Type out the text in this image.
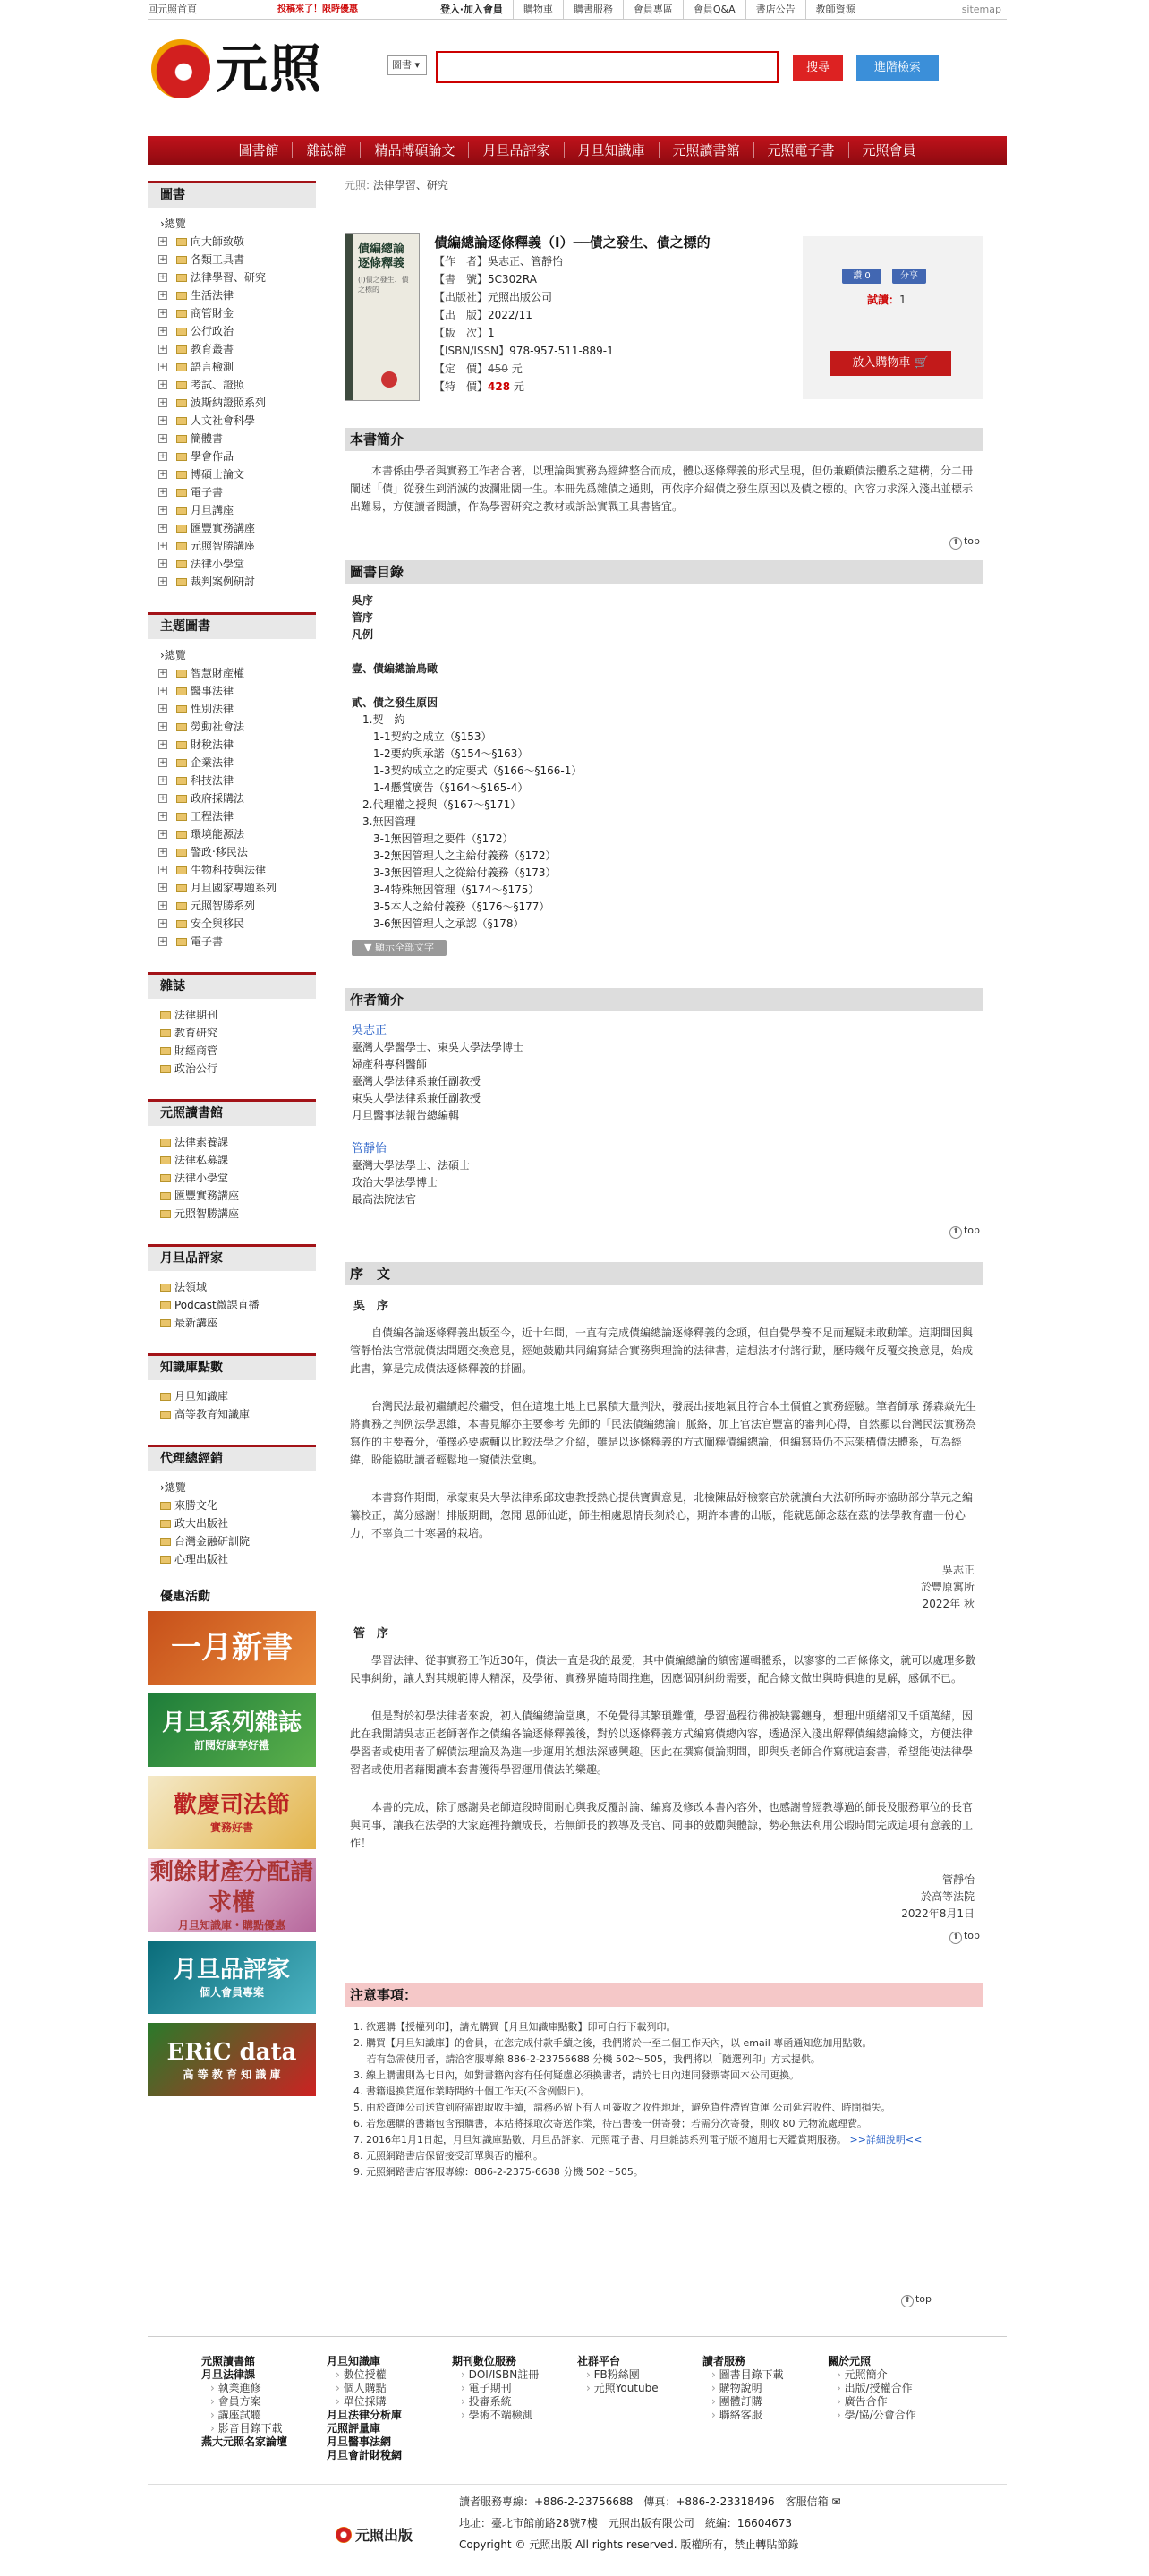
回元照首頁	投稿來了！限時優惠	登入‧加入會員	購物車	購書服務	會員專區	會員Q&A	書店公告	教師資源	sitemap
元照	圖書 ▾	搜尋	進階檢索
圖書館	雜誌館	精品博碩論文	月旦品評家	月旦知識庫	元照讀書館	元照電子書	元照會員
圖書
›總覽
+ 向大師致敬
+ 各類工具書
+ 法律學習、研究
+ 生活法律
+ 商管財金
+ 公行政治
+ 教育叢書
+ 語言檢測
+ 考試、證照
+ 波斯納證照系列
+ 人文社會科學
+ 簡體書
+ 學會作品
+ 博碩士論文
+ 電子書
+ 月旦講座
+ 匯豐實務講座
+ 元照智勝講座
+ 法律小學堂
+ 裁判案例研討
主題圖書
›總覽
+ 智慧財產權
+ 醫事法律
+ 性別法律
+ 勞動社會法
+ 財稅法律
+ 企業法律
+ 科技法律
+ 政府採購法
+ 工程法律
+ 環境能源法
+ 警政‧移民法
+ 生物科技與法律
+ 月旦國家專題系列
+ 元照智勝系列
+ 安全與移民
+ 電子書
雜誌
法律期刊
教育研究
財經商管
政治公行
元照讀書館
法律素養課
法律私募課
法律小學堂
匯豐實務講座
元照智勝講座
月旦品評家
法領域
Podcast微課直播
最新講座
知識庫點數
月旦知識庫
高等教育知識庫
代理總經銷
›總覽
來勝文化
政大出版社
台灣金融研訓院
心理出版社
優惠活動
一月新書
月旦系列雜誌
訂閱好康享好禮
歡慶司法節
實務好書
剩餘財產分配請求權
月旦知識庫・購點優惠
月旦品評家
個人會員專案
ERiC data
高 等 教 育 知 識 庫
元照: 法律學習、研究
債編總論逐條釋義
(I)債之發生、債之標的
債編總論逐條釋義（I）──債之發生、債之標的
【作　者】吳志正、管靜怡
【書　號】5C302RA
【出版社】元照出版公司
【出　版】2022/11
【版　次】1
【ISBN/ISSN】978-957-511-889-1
【定　價】450 元
【特　價】428 元
讚 0	分享
試讀：1
放入購物車 🛒
本書簡介

本書係由學者與實務工作者合著，以理論與實務為經緯整合而成，體以逐條釋義的形式呈現，但仍兼顧債法體系之建構，分二冊闡述「債」從發生到消滅的波瀾壯闊一生。本冊先爲雜債之通則，再依序介紹債之發生原因以及債之標的。內容力求深入淺出並標示出難易，方便讀者閱讀，作為學習研究之教材或訴訟實戰工具書皆宜。

⬆ top
圖書目錄
吳序
管序
凡例
壹、債編總論鳥瞰
貳、債之發生原因
　1.契　約
　　1-1契約之成立（§153）
　　1-2要約與承諾（§154～§163）
　　1-3契約成立之的定要式（§166～§166-1）
　　1-4懸賞廣告（§164～§165-4）
　2.代理權之授與（§167～§171）
　3.無因管理
　　3-1無因管理之要件（§172）
　　3-2無因管理人之主給付義務（§172）
　　3-3無因管理人之從給付義務（§173）
　　3-4特殊無因管理（§174～§175）
　　3-5本人之給付義務（§176～§177）
　　3-6無因管理人之承認（§178）
▼ 顯示全部文字
作者簡介
吳志正
臺灣大學醫學士、東吳大學法學博士
婦產科專科醫師
臺灣大學法律系兼任副教授
東吳大學法律系兼任副教授
月旦醫事法報告總編輯
管靜怡
臺灣大學法學士、法碩士
政治大學法學博士
最高法院法官
⬆ top
序　文
吳　序

自債編各論逐條釋義出版至今，近十年間，一直有完成債編總論逐條釋義的念頭，但自覺學養不足而遲疑未敢動筆。這期間因與管靜怡法官常就債法問題交換意見，經她鼓勵共同編寫結合實務與理論的法律書，這想法才付諸行動，歷時幾年反覆交換意見，始成此書，算是完成債法逐條釋義的拼圖。

台灣民法最初繼續起於繼受，但在這塊土地上已累積大量判決，發展出接地氣且符合本土價值之實務經驗。筆者師承 孫森焱先生將實務之判例法學思維，本書見解亦主要參考 先師的「民法債編總論」脈絡，加上官法官豐富的審判心得，自然顯以台灣民法實務為寫作的主要養分，僅擇必要處輔以比較法學之介紹，雖是以逐條釋義的方式闡釋債編總論，但編寫時仍不忘架構債法體系，互為經緯，盼能協助讀者輕鬆地一窺債法堂奧。

本書寫作期間，承蒙東吳大學法律系邱玟惠教授熱心提供寶貴意見，北檢陳品妤檢察官於就讀台大法研所時亦協助部分草元之編纂校正，萬分感謝！排版期間，忽聞 恩師仙逝，師生相處恩情長刻於心，期許本書的出版，能就恩師念茲在茲的法學教育盡一份心力，不辜負二十寒暑的栽培。

吳志正
於豐原寓所
2022年 秋
管　序

學習法律、從事實務工作近30年，債法一直是我的最愛，其中債編總論的縝密邏輯體系，以寥寥的二百條條文，就可以處理多數民事糾紛，讓人對其規範博大精深，及學術、實務界隨時間推進，因應個別糾紛需要，配合條文做出與時俱進的見解，感佩不已。

但是對於初學法律者來說，初入債編總論堂奧，不免覺得其繁瑣難懂，學習過程彷彿被缺霧纏身，想理出頭緒卻又千頭萬緒，因此在我開請吳志正老師著作之債編各論逐條釋義後，對於以逐條釋義方式編寫債總內容，透過深入淺出解釋債編總論條文，方便法律學習者或使用者了解債法理論及為進一步運用的想法深感興趣。因此在撰寫債論期間，即與吳老師合作寫就這套書，希望能使法律學習者或使用者藉閱讀本套書獲得學習運用債法的樂趣。

本書的完成，除了感謝吳老師這段時間耐心與我反覆討論、編寫及修改本書內容外，也感謝曾經教導過的師長及服務單位的長官與同事，讓我在法學的大家庭裡持續成長，若無師長的教導及長官、同事的鼓勵與體諒，勢必無法利用公暇時間完成這項有意義的工作！

管靜怡
於高等法院
2022年8月1日
⬆ top
注意事項：
1. 欲選購【授權列印】，請先購買【月旦知識庫點數】即可自行下載列印。
2. 購買【月旦知識庫】的會員，在您完成付款手續之後，我們將於一至二個工作天內，以 email 專函通知您加用點數。
　 若有急需使用者，請洽客服專線 886-2-23756688 分機 502～505，我們將以「隨選列印」方式提供。
3. 線上購書則為七日內，如對書籍內容有任何疑慮必須換書者，請於七日內連同發票寄回本公司更換。
4. 書籍退換貨運作業時間約十個工作天(不含例假日)。
5. 由於資運公司送貨到府需跟取收手續，請務必留下有人可簽收之收件地址，避免貨件滯留貨運 公司延宕收件、時間損失。
6. 若您選購的書籍包含預購書，本站將採取次寄送作業，待出書後一併寄發；若需分次寄發，則收 80 元物流處理費。
7. 2016年1月1日起，月旦知識庫點數、月旦品評家、元照電子書、月旦雜誌系列電子版不適用七天鑑賞期服務。 >>詳細說明<<
8. 元照網路書店保留接受訂單與否的權利。
9. 元照網路書店客服專線：886-2-2375-6688 分機 502～505。
⬆ top
元照讀書館
月旦法律課
› 執業進修
› 會員方案
› 講座試聽
› 影音目錄下載
燕大元照名家論壇
月旦知識庫
› 數位授權
› 個人購點
› 單位採購
月旦法律分析庫
元照評量庫
月旦醫事法網
月旦會計財稅網
期刊數位服務
› DOI/ISBN註冊
› 電子期刊
› 投審系統
› 學術不端檢測
社群平台
› FB粉絲團
› 元照Youtube
讀者服務
› 圖書目錄下載
› 購物說明
› 團體訂購
› 聯絡客服
關於元照
› 元照簡介
› 出版/授權合作
› 廣告合作
› 學/協/公會合作
元照出版
讀者服務專線：+886-2-23756688　傳真：+886-2-23318496　客服信箱 ✉
地址：臺北市館前路28號7樓　元照出版有限公司　統編：16604673
Copyright © 元照出版 All rights reserved. 版權所有，禁止轉貼節錄
